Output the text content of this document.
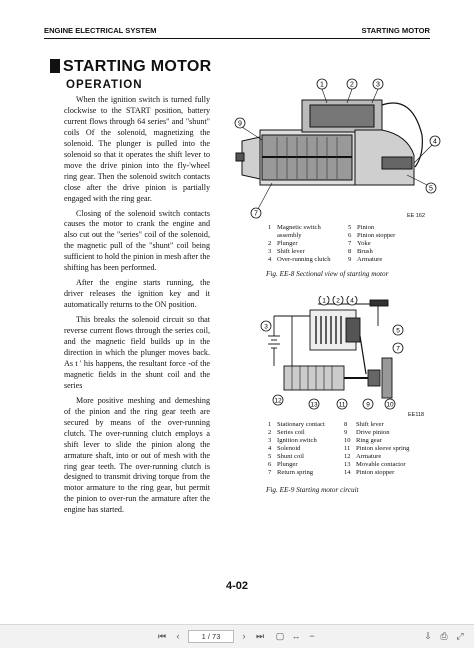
ENGINE ELECTRICAL SYSTEM	STARTING MOTOR
STARTING MOTOR
OPERATION

When the ignition switch is turned fully clockwise to the START position, battery current flows through 64 series" and "shunt" coils Of the solenoid, magnetizing the solenoid. The plunger is pulled into the solenoid so that it operates the shift lever to move the drive pinion into the fly-'wheel ring gear. Then the solenoid switch contacts close after the drive pinion is partially engaged with the ring gear.

Closing of the solenoid switch contacts causes the motor to crank the engine and also cut out the "series" coil of the solenoid, the magnetic pull of the "shunt" coil being sufficient to hold the pinion in mesh after the shifting has been performed.

After the engine starts running, the driver releases the ignition key and it automatically returns to the ON position.

This breaks the solenoid circuit so that reverse current flows through the series coil, and the magnetic field builds up in the direction in which the plunger moves back. As t ' his happens, the resultant force -of the magnetic fields in the shunt coil and the series

More positive meshing and demeshing of the pinion and the ring gear teeth are secured by means of the over-running clutch. The over-running clutch employs a shift lever to slide the pinion along the armature shaft, into or out of mesh with the ring gear teeth. The over-running clutch is designed to transmit driving torque from the motor armature to the ring gear, but permit the pinion to over-run the armature after the engine has started.

1	2	3
4
5
9
7	EE 162
1 Magnetic switch
assembly
2 Plunger
3 Shift lever
4 Over-running clutch
5 Pinion
6 Pinion stopper
7 Yoke
8 Brush
9 Armature
Fig. EE-8 Sectional view of starting motor
3
1 2 4
5
7
12
13	11	9	10
EE118
1 Stationary contact
2 Series coil
3 Ignition switch
4 Solenoid
5 Shunt coil
6 Plunger
7 Return spring
8	Shift lever
9	Drive pinion
10 Ring gear
11 Pinion sleeve spring
12 Armature
13 Movable contactor
14 Pinion stopper
Fig. EE-9 Starting motor circuit
4-02
⏮	‹	1 / 73	›	⏭ ▢ ↔ −	⇩ ⎙ ⤢
